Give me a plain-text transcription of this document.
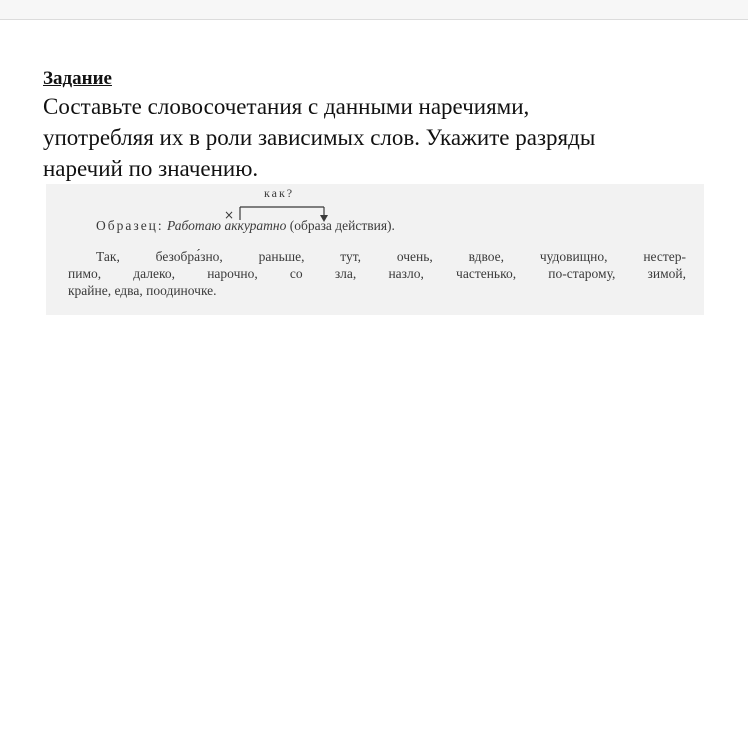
Задание

Составьте словосочетания с данными наречиями,
употребляя их в роли зависимых слов. Укажите разряды
наречий по значению.

как?
×
Образец: Работаю аккуратно (образа действия).

Так, безобра́зно, раньше, тут, очень, вдвое, чудовищно, нестер-
пимо, далеко, нарочно, со зла, назло, частенько, по-старому, зимой,
крайне, едва, поодиночке.
